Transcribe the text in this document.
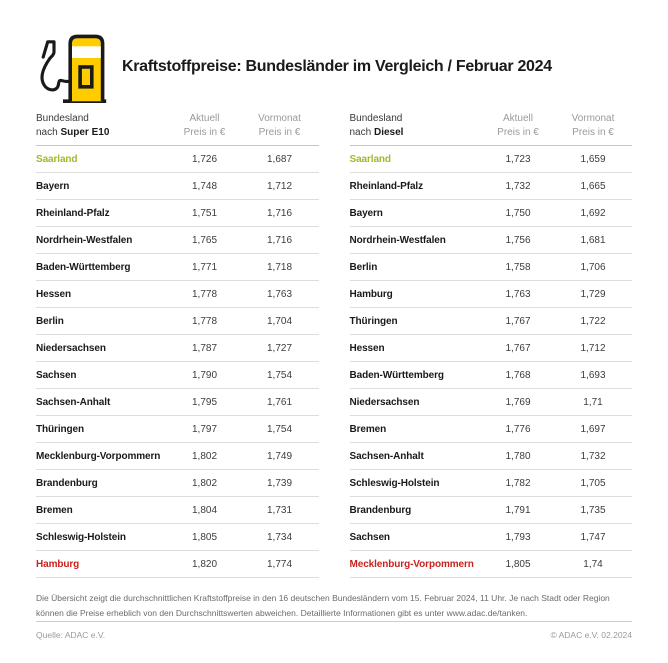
Kraftstoffpreise: Bundesländer im Vergleich / Februar 2024
Bundesland
nach Super E10
Aktuell
Preis in €
Vormonat
Preis in €
Saarland	1,726	1,687
Bayern	1,748	1,712
Rheinland-Pfalz	1,751	1,716
Nordrhein-Westfalen	1,765	1,716
Baden-Württemberg	1,771	1,718
Hessen	1,778	1,763
Berlin	1,778	1,704
Niedersachsen	1,787	1,727
Sachsen	1,790	1,754
Sachsen-Anhalt	1,795	1,761
Thüringen	1,797	1,754
Mecklenburg-Vorpommern	1,802	1,749
Brandenburg	1,802	1,739
Bremen	1,804	1,731
Schleswig-Holstein	1,805	1,734
Hamburg	1,820	1,774
Bundesland
nach Diesel
Aktuell
Preis in €
Vormonat
Preis in €
Saarland	1,723	1,659
Rheinland-Pfalz	1,732	1,665
Bayern	1,750	1,692
Nordrhein-Westfalen	1,756	1,681
Berlin	1,758	1,706
Hamburg	1,763	1,729
Thüringen	1,767	1,722
Hessen	1,767	1,712
Baden-Württemberg	1,768	1,693
Niedersachsen	1,769	1,71
Bremen	1,776	1,697
Sachsen-Anhalt	1,780	1,732
Schleswig-Holstein	1,782	1,705
Brandenburg	1,791	1,735
Sachsen	1,793	1,747
Mecklenburg-Vorpommern	1,805	1,74

Die Übersicht zeigt die durchschnittlichen Kraftstoffpreise in den 16 deutschen Bundesländern vom 15. Februar 2024, 11 Uhr. Je nach Stadt oder Region können die Preise erheblich von den Durchschnittswerten abweichen. Detaillierte Informationen gibt es unter www.adac.de/tanken.

Quelle: ADAC e.V.	© ADAC e.V. 02.2024
